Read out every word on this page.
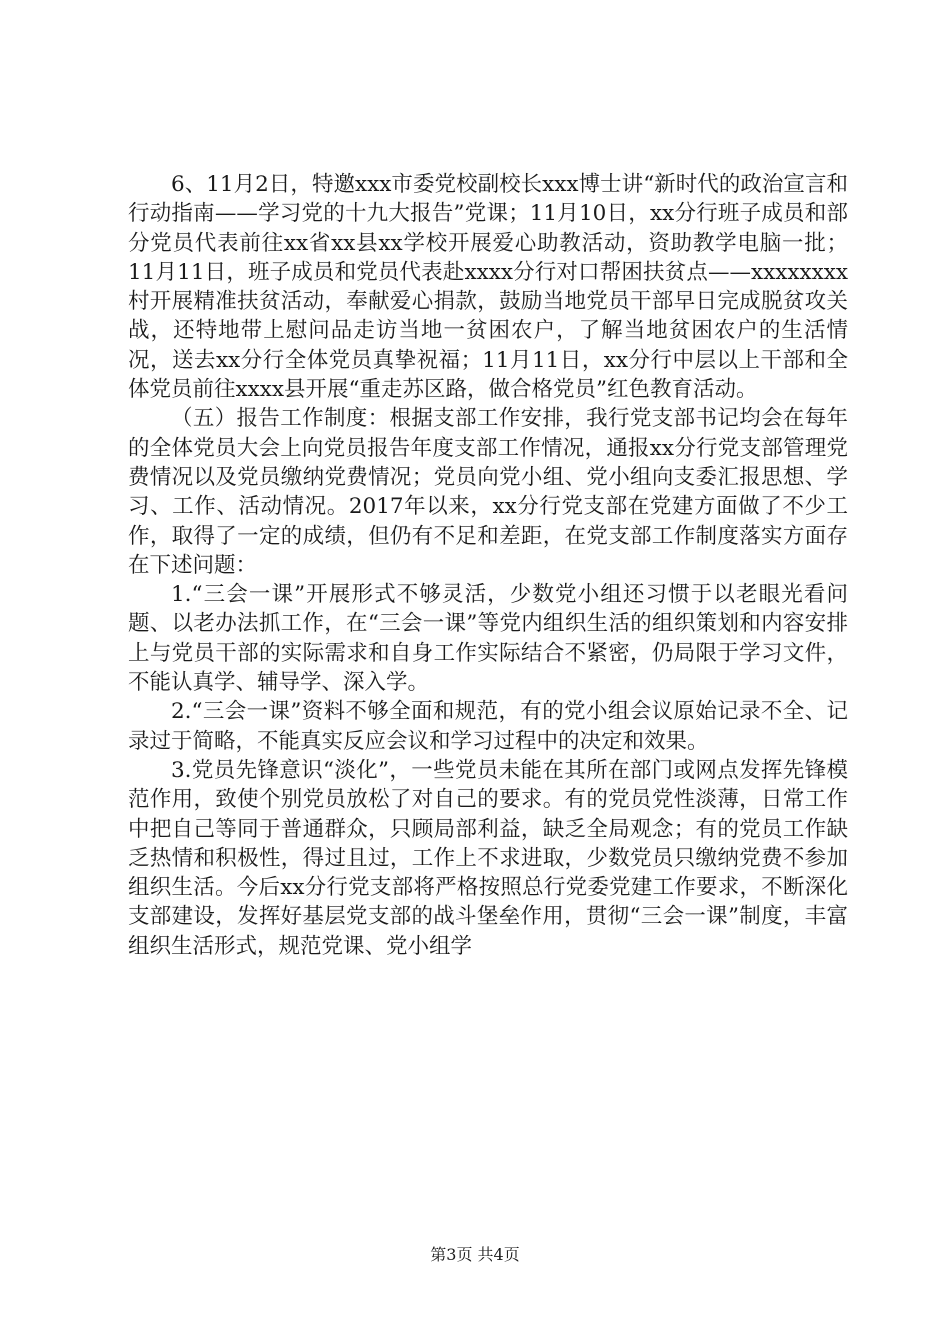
6、11月2日，特邀xxx市委党校副校长xxx博士讲“新时代的政治宣言和行动指南——学习党的十九大报告”党课；11月10日，xx分行班子成员和部分党员代表前往xx省xx县xx学校开展爱心助教活动，资助教学电脑一批；11月11日，班子成员和党员代表赴xxxx分行对口帮困扶贫点——xxxxxxxx村开展精准扶贫活动，奉献爱心捐款，鼓励当地党员干部早日完成脱贫攻关战，还特地带上慰问品走访当地一贫困农户，了解当地贫困农户的生活情况，送去xx分行全体党员真挚祝福；11月11日，xx分行中层以上干部和全体党员前往xxxx县开展“重走苏区路，做合格党员”红色教育活动。

（五）报告工作制度：根据支部工作安排，我行党支部书记均会在每年的全体党员大会上向党员报告年度支部工作情况，通报xx分行党支部管理党费情况以及党员缴纳党费情况；党员向党小组、党小组向支委汇报思想、学习、工作、活动情况。2017年以来，xx分行党支部在党建方面做了不少工作，取得了一定的成绩，但仍有不足和差距，在党支部工作制度落实方面存在下述问题：

1.“三会一课”开展形式不够灵活，少数党小组还习惯于以老眼光看问题、以老办法抓工作，在“三会一课”等党内组织生活的组织策划和内容安排上与党员干部的实际需求和自身工作实际结合不紧密，仍局限于学习文件，不能认真学、辅导学、深入学。

2.“三会一课”资料不够全面和规范，有的党小组会议原始记录不全、记录过于简略，不能真实反应会议和学习过程中的决定和效果。

3.党员先锋意识“淡化”，一些党员未能在其所在部门或网点发挥先锋模范作用，致使个别党员放松了对自己的要求。有的党员党性淡薄，日常工作中把自己等同于普通群众，只顾局部利益，缺乏全局观念；有的党员工作缺乏热情和积极性，得过且过，工作上不求进取，少数党员只缴纳党费不参加组织生活。今后xx分行党支部将严格按照总行党委党建工作要求，不断深化支部建设，发挥好基层党支部的战斗堡垒作用，贯彻“三会一课”制度，丰富组织生活形式，规范党课、党小组学

第3页 共4页
